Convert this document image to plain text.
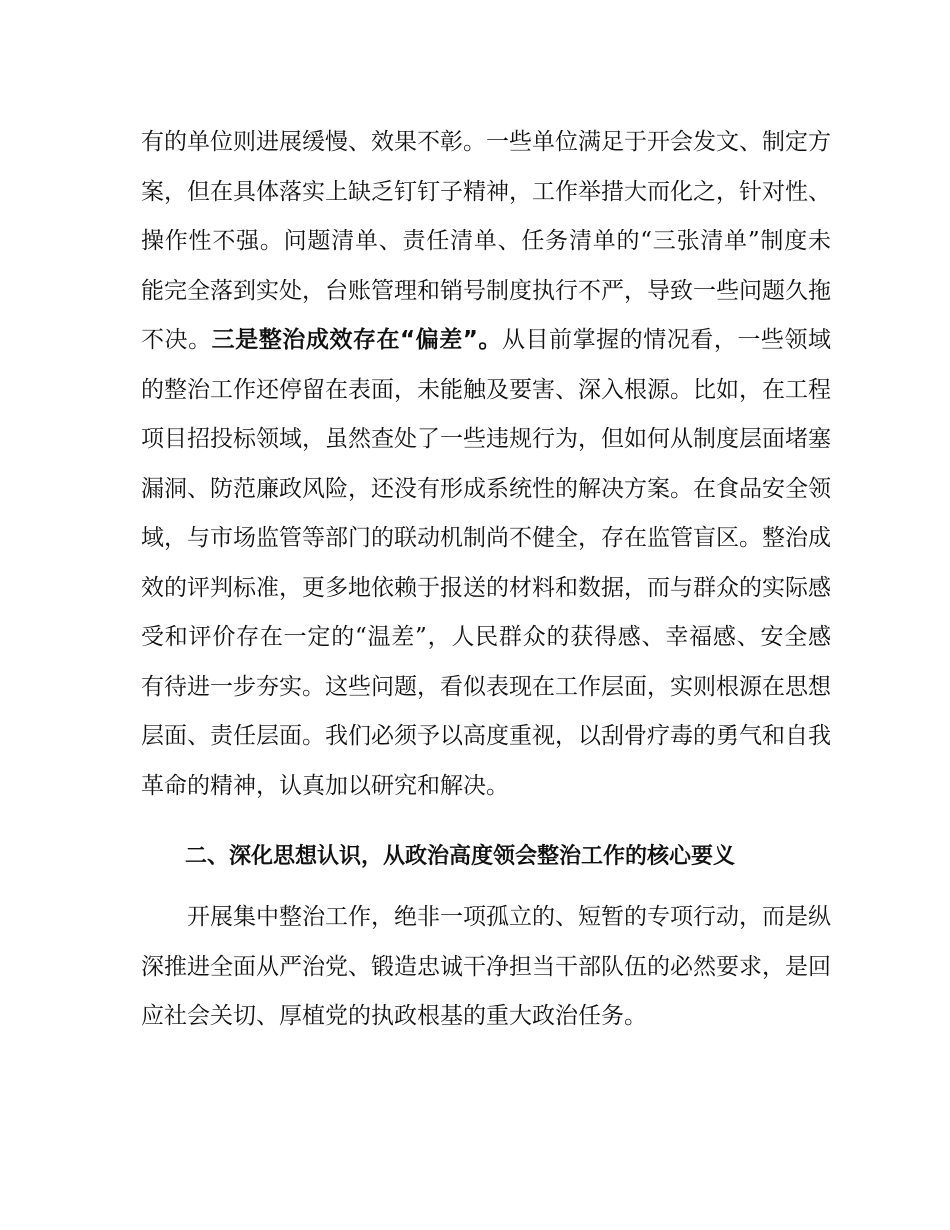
有的单位则进展缓慢、效果不彰。一些单位满足于开会发文、制定方案，但在具体落实上缺乏钉钉子精神，工作举措大而化之，针对性、操作性不强。问题清单、责任清单、任务清单的“三张清单”制度未能完全落到实处，台账管理和销号制度执行不严，导致一些问题久拖不决。三是整治成效存在“偏差”。从目前掌握的情况看，一些领域的整治工作还停留在表面，未能触及要害、深入根源。比如，在工程项目招投标领域，虽然查处了一些违规行为，但如何从制度层面堵塞漏洞、防范廉政风险，还没有形成系统性的解决方案。在食品安全领域，与市场监管等部门的联动机制尚不健全，存在监管盲区。整治成效的评判标准，更多地依赖于报送的材料和数据，而与群众的实际感受和评价存在一定的“温差”，人民群众的获得感、幸福感、安全感有待进一步夯实。这些问题，看似表现在工作层面，实则根源在思想层面、责任层面。我们必须予以高度重视，以刮骨疗毒的勇气和自我革命的精神，认真加以研究和解决。

二、深化思想认识，从政治高度领会整治工作的核心要义

开展集中整治工作，绝非一项孤立的、短暂的专项行动，而是纵深推进全面从严治党、锻造忠诚干净担当干部队伍的必然要求，是回应社会关切、厚植党的执政根基的重大政治任务。
